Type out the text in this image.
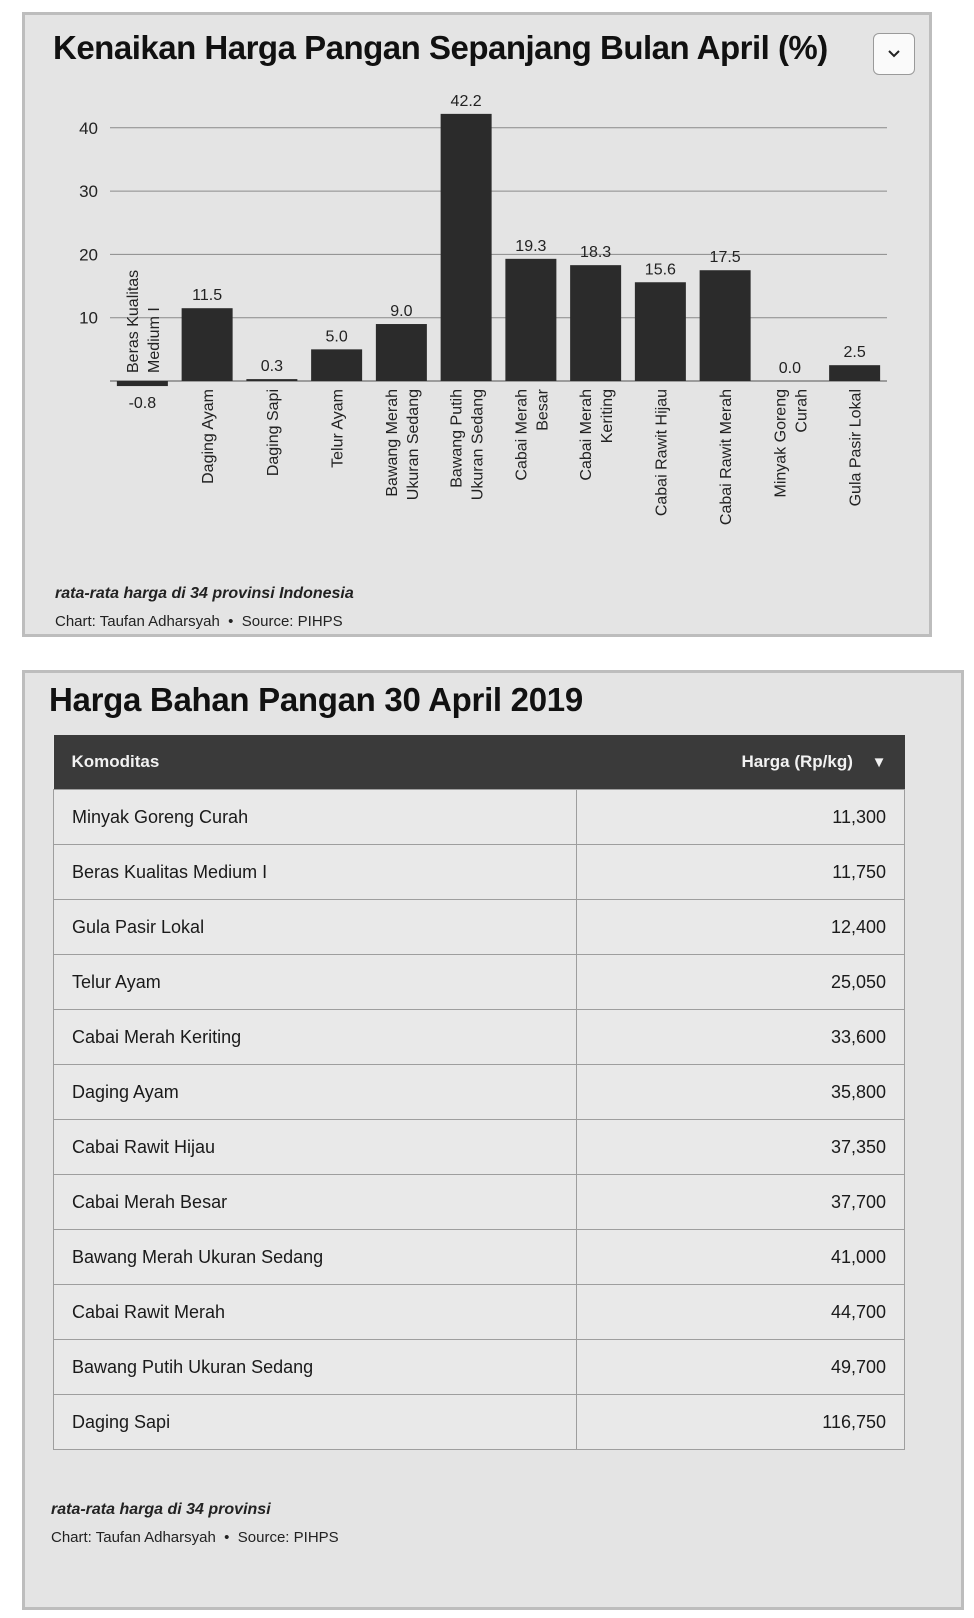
10
20
30
40
-0.8
Beras Kualitas Medium I
11.5
Daging Ayam
0.3
Daging Sapi
5.0
Telur Ayam
9.0
Bawang Merah Ukuran Sedang
42.2
Bawang Putih Ukuran Sedang
19.3
Cabai Merah Besar
18.3
Cabai Merah Keriting
15.6
Cabai Rawit Hijau
17.5
Cabai Rawit Merah
0.0
Minyak Goreng Curah
2.5
Gula Pasir Lokal
Kenaikan Harga Pangan Sepanjang Bulan April (%)
rata-rata harga di 34 provinsi Indonesia
Chart: Taufan Adharsyah  •  Source: PIHPS
Harga Bahan Pangan 30 April 2019
Komoditas	Harga (Rp/kg) ▼
Minyak Goreng Curah	11,300
Beras Kualitas Medium I	11,750
Gula Pasir Lokal	12,400
Telur Ayam	25,050
Cabai Merah Keriting	33,600
Daging Ayam	35,800
Cabai Rawit Hijau	37,350
Cabai Merah Besar	37,700
Bawang Merah Ukuran Sedang	41,000
Cabai Rawit Merah	44,700
Bawang Putih Ukuran Sedang	49,700
Daging Sapi	116,750
rata-rata harga di 34 provinsi
Chart: Taufan Adharsyah  •  Source: PIHPS
